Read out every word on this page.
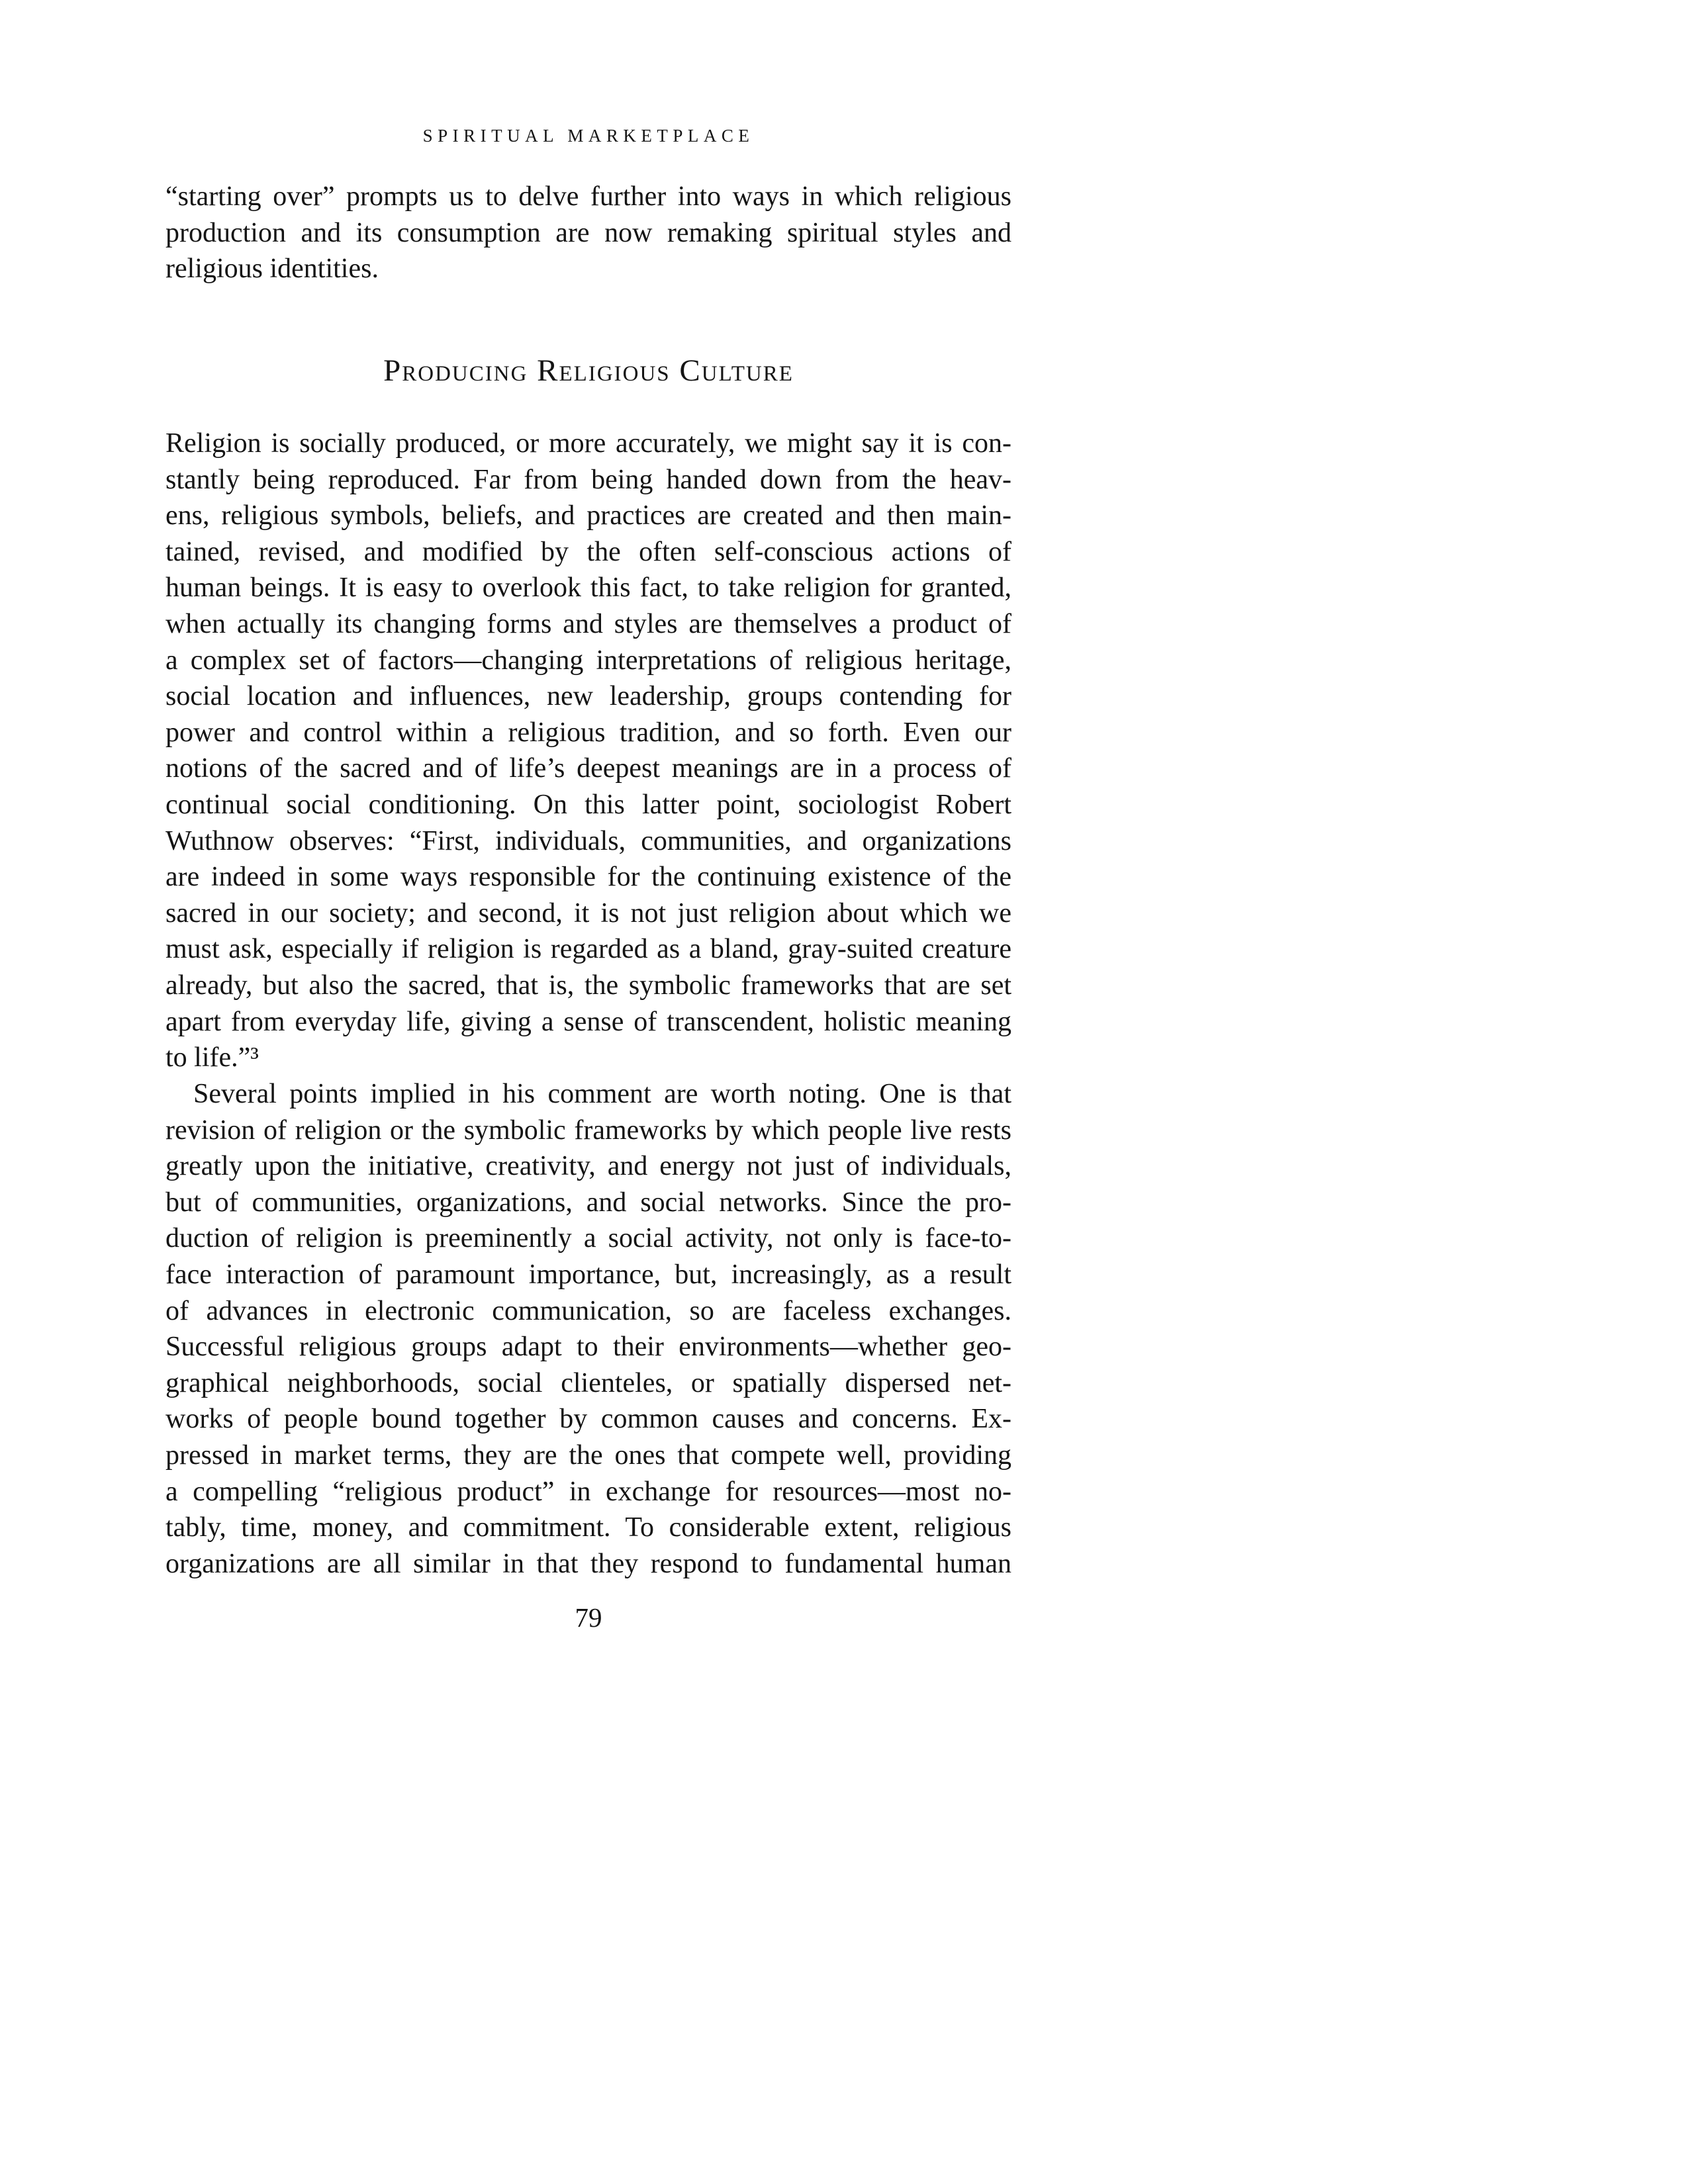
SPIRITUAL MARKETPLACE
Producing Religious Culture
“starting over” prompts us to delve further into ways in which religious
production and its consumption are now remaking spiritual styles and
religious identities.
Religion is socially produced, or more accurately, we might say it is con-
stantly being reproduced. Far from being handed down from the heav-
ens, religious symbols, beliefs, and practices are created and then main-
tained, revised, and modified by the often self-conscious actions of
human beings. It is easy to overlook this fact, to take religion for granted,
when actually its changing forms and styles are themselves a product of
a complex set of factors—changing interpretations of religious heritage,
social location and influences, new leadership, groups contending for
power and control within a religious tradition, and so forth. Even our
notions of the sacred and of life’s deepest meanings are in a process of
continual social conditioning. On this latter point, sociologist Robert
Wuthnow observes: “First, individuals, communities, and organizations
are indeed in some ways responsible for the continuing existence of the
sacred in our society; and second, it is not just religion about which we
must ask, especially if religion is regarded as a bland, gray-suited creature
already, but also the sacred, that is, the symbolic frameworks that are set
apart from everyday life, giving a sense of transcendent, holistic meaning
to life.”³
Several points implied in his comment are worth noting. One is that
revision of religion or the symbolic frameworks by which people live rests
greatly upon the initiative, creativity, and energy not just of individuals,
but of communities, organizations, and social networks. Since the pro-
duction of religion is preeminently a social activity, not only is face-to-
face interaction of paramount importance, but, increasingly, as a result
of advances in electronic communication, so are faceless exchanges.
Successful religious groups adapt to their environments—whether geo-
graphical neighborhoods, social clienteles, or spatially dispersed net-
works of people bound together by common causes and concerns. Ex-
pressed in market terms, they are the ones that compete well, providing
a compelling “religious product” in exchange for resources—most no-
tably, time, money, and commitment. To considerable extent, religious
organizations are all similar in that they respond to fundamental human
79
